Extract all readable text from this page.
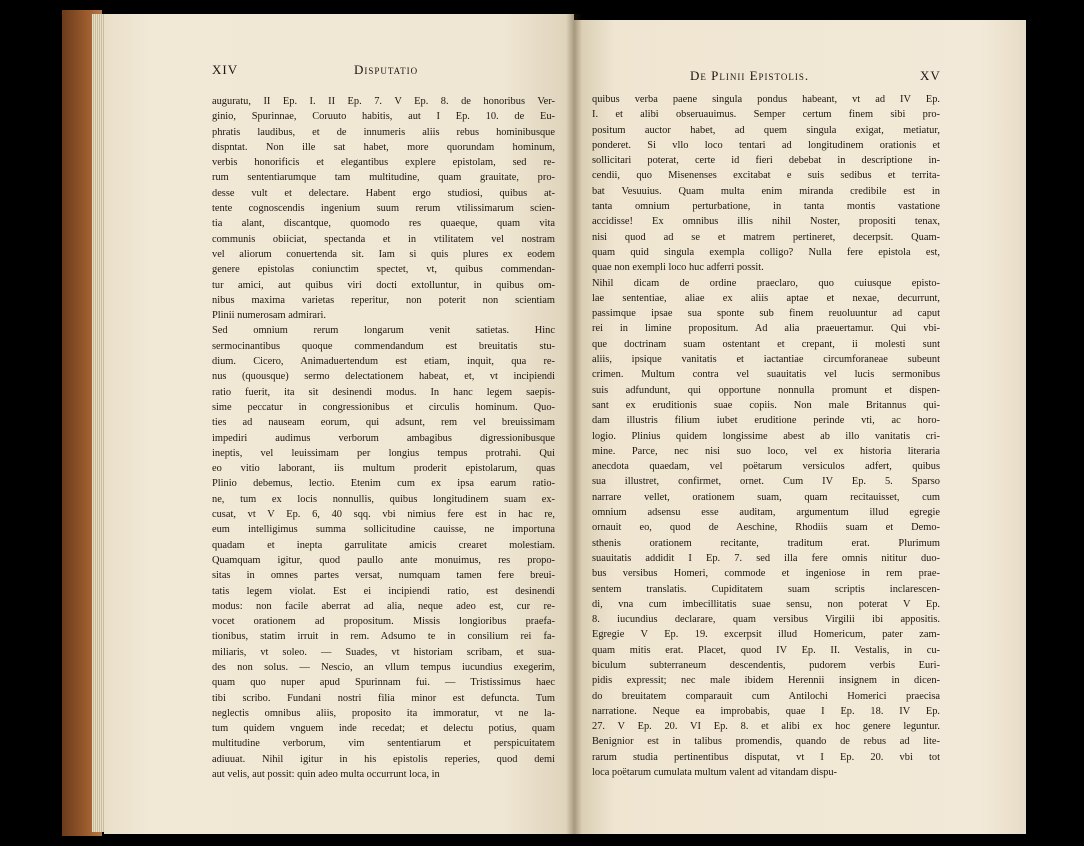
XIV	Disputatio
auguratu, II Ep. I. II Ep. 7. V Ep. 8. de honoribus Ver-
ginio, Spurinnae, Coruuto habitis, aut I Ep. 10. de Eu-
phratis laudibus, et de innumeris aliis rebus hominibusque
dispntat. Non ille sat habet, more quorundam hominum,
verbis honorificis et elegantibus explere epistolam, sed re-
rum sententiarumque tam multitudine, quam grauitate, pro-
desse vult et delectare. Habent ergo studiosi, quibus at-
tente cognoscendis ingenium suum rerum vtilissimarum scien-
tia alant, discantque, quomodo res quaeque, quam vita
communis obiiciat, spectanda et in vtilitatem vel nostram
vel aliorum conuertenda sit. Iam si quis plures ex eodem
genere epistolas coniunctim spectet, vt, quibus commendan-
tur amici, aut quibus viri docti extolluntur, in quibus om-
nibus maxima varietas reperitur, non poterit non scientiam
Plinii numerosam admirari.
Sed omnium rerum longarum venit satietas. Hinc
sermocinantibus quoque commendandum est breuitatis stu-
dium. Cicero, Animaduertendum est etiam, inquit, qua re-
nus (quousque) sermo delectationem habeat, et, vt incipiendi
ratio fuerit, ita sit desinendi modus. In hanc legem saepis-
sime peccatur in congressionibus et circulis hominum. Quo-
ties ad nauseam eorum, qui adsunt, rem vel breuissimam
impediri audimus verborum ambagibus digressionibusque
ineptis, vel leuissimam per longius tempus protrahi. Qui
eo vitio laborant, iis multum proderit epistolarum, quas
Plinio debemus, lectio. Etenim cum ex ipsa earum ratio-
ne, tum ex locis nonnullis, quibus longitudinem suam ex-
cusat, vt V Ep. 6, 40 sqq. vbi nimius fere est in hac re,
eum intelligimus summa sollicitudine cauisse, ne importuna
quadam et inepta garrulitate amicis crearet molestiam.
Quamquam igitur, quod paullo ante monuimus, res propo-
sitas in omnes partes versat, numquam tamen fere breui-
tatis legem violat. Est ei incipiendi ratio, est desinendi
modus: non facile aberrat ad alia, neque adeo est, cur re-
vocet orationem ad propositum. Missis longioribus praefa-
tionibus, statim irruit in rem. Adsumo te in consilium rei fa-
miliaris, vt soleo. — Suades, vt historiam scribam, et sua-
des non solus. — Nescio, an vllum tempus iucundius exegerim,
quam quo nuper apud Spurinnam fui. — Tristissimus haec
tibi scribo. Fundani nostri filia minor est defuncta. Tum
neglectis omnibus aliis, proposito ita immoratur, vt ne la-
tum quidem vnguem inde recedat; et delectu potius, quam
multitudine verborum, vim sententiarum et perspicuitatem
adiuuat. Nihil igitur in his epistolis reperies, quod demi
aut velis, aut possit: quin adeo multa occurrunt loca, in
De Plinii Epistolis.	XV
quibus verba paene singula pondus habeant, vt ad IV Ep.
I. et alibi obseruauimus. Semper certum finem sibi pro-
positum auctor habet, ad quem singula exigat, metiatur,
ponderet. Si vllo loco tentari ad longitudinem orationis et
sollicitari poterat, certe id fieri debebat in descriptione in-
cendii, quo Misenenses excitabat e suis sedibus et territa-
bat Vesuuius. Quam multa enim miranda credibile est in
tanta omnium perturbatione, in tanta montis vastatione
accidisse! Ex omnibus illis nihil Noster, propositi tenax,
nisi quod ad se et matrem pertineret, decerpsit. Quam-
quam quid singula exempla colligo? Nulla fere epistola est,
quae non exempli loco huc adferri possit.
Nihil dicam de ordine praeclaro, quo cuiusque episto-
lae sententiae, aliae ex aliis aptae et nexae, decurrunt,
passimque ipsae sua sponte sub finem reuoluuntur ad caput
rei in limine propositum. Ad alia praeuertamur. Qui vbi-
que doctrinam suam ostentant et crepant, ii molesti sunt
aliis, ipsique vanitatis et iactantiae circumforaneae subeunt
crimen. Multum contra vel suauitatis vel lucis sermonibus
suis adfundunt, qui opportune nonnulla promunt et dispen-
sant ex eruditionis suae copiis. Non male Britannus qui-
dam illustris filium iubet eruditione perinde vti, ac horo-
logio. Plinius quidem longissime abest ab illo vanitatis cri-
mine. Parce, nec nisi suo loco, vel ex historia literaria
anecdota quaedam, vel poëtarum versiculos adfert, quibus
sua illustret, confirmet, ornet. Cum IV Ep. 5. Sparso
narrare vellet, orationem suam, quam recitauisset, cum
omnium adsensu esse auditam, argumentum illud egregie
ornauit eo, quod de Aeschine, Rhodiis suam et Demo-
sthenis orationem recitante, traditum erat. Plurimum
suauitatis addidit I Ep. 7. sed illa fere omnis nititur duo-
bus versibus Homeri, commode et ingeniose in rem prae-
sentem translatis. Cupiditatem suam scriptis inclarescen-
di, vna cum imbecillitatis suae sensu, non poterat V Ep.
8. iucundius declarare, quam versibus Virgilii ibi appositis.
Egregie V Ep. 19. excerpsit illud Homericum, pater zam-
quam mitis erat. Placet, quod IV Ep. II. Vestalis, in cu-
biculum subterraneum descendentis, pudorem verbis Euri-
pidis expressit; nec male ibidem Herennii insignem in dicen-
do breuitatem comparauit cum Antilochi Homerici praecisa
narratione. Neque ea improbabis, quae I Ep. 18. IV Ep.
27. V Ep. 20. VI Ep. 8. et alibi ex hoc genere leguntur.
Benignior est in talibus promendis, quando de rebus ad lite-
rarum studia pertinentibus disputat, vt I Ep. 20. vbi tot
loca poëtarum cumulata multum valent ad vitandam dispu-
